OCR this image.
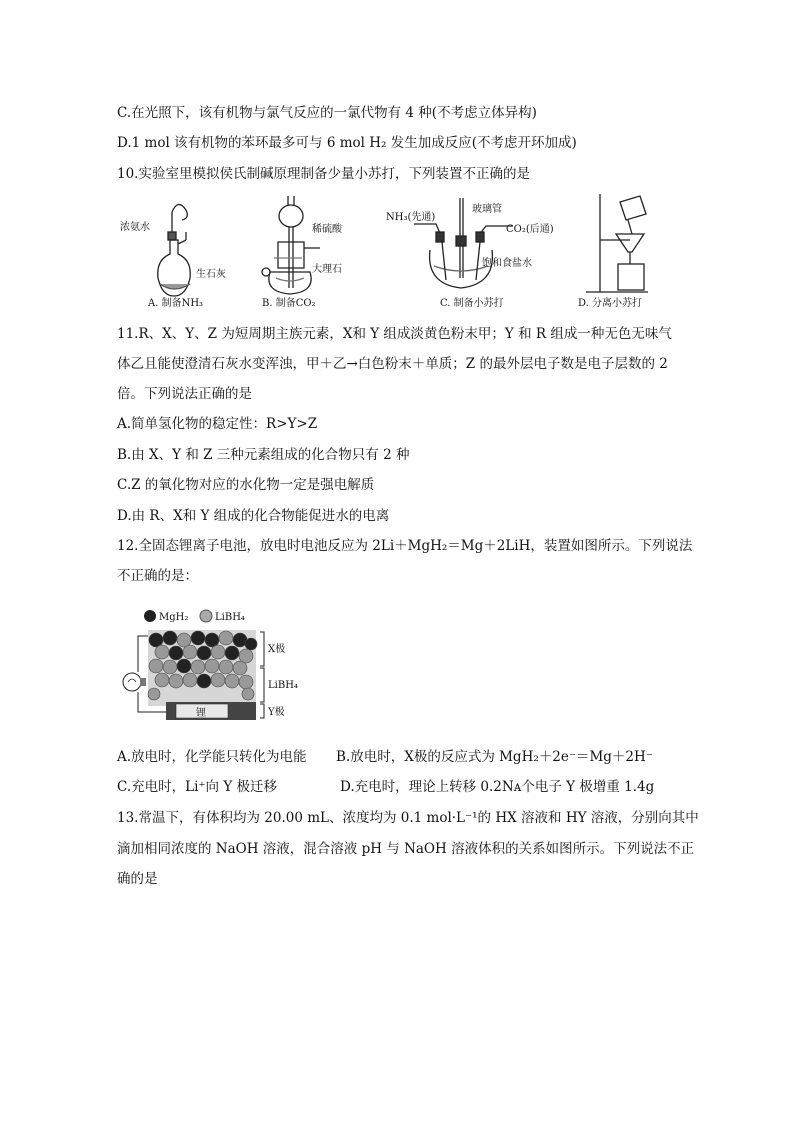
C.在光照下，该有机物与氯气反应的一氯代物有 4 种(不考虑立体异构)
D.1 mol 该有机物的苯环最多可与 6 mol H₂ 发生加成反应(不考虑开环加成)
10.实验室里模拟侯氏制碱原理制备少量小苏打，下列装置不正确的是
浓氨水
生石灰
A. 制备NH₃
稀硫酸
大理石
B. 制备CO₂
NH₃(先通)
玻璃管
CO₂(后通)
饱和食盐水
C. 制备小苏打	D. 分离小苏打
11.R、X、Y、Z 为短周期主族元素，X和 Y 组成淡黄色粉末甲；Y 和 R 组成一种无色无味气
体乙且能使澄清石灰水变浑浊，甲＋乙→白色粉末＋单质；Z 的最外层电子数是电子层数的 2
倍。下列说法正确的是
A.简单氢化物的稳定性：R>Y>Z
B.由 X、Y 和 Z 三种元素组成的化合物只有 2 种
C.Z 的氧化物对应的水化物一定是强电解质
D.由 R、X和 Y 组成的化合物能促进水的电离
12.全固态锂离子电池，放电时电池反应为 2Li＋MgH₂＝Mg＋2LiH，装置如图所示。下列说法
不正确的是：
MgH₂	LiBH₄
锂
X极
LiBH₄
Y极
A.放电时，化学能只转化为电能 B.放电时，X极的反应式为 MgH₂＋2e⁻＝Mg＋2H⁻
C.充电时，Li⁺向 Y 极迁移	D.充电时，理论上转移 0.2Nᴀ个电子 Y 极增重 1.4g
13.常温下，有体积均为 20.00 mL、浓度均为 0.1 mol·L⁻¹的 HX 溶液和 HY 溶液，分别向其中
滴加相同浓度的 NaOH 溶液，混合溶液 pH 与 NaOH 溶液体积的关系如图所示。下列说法不正
确的是
